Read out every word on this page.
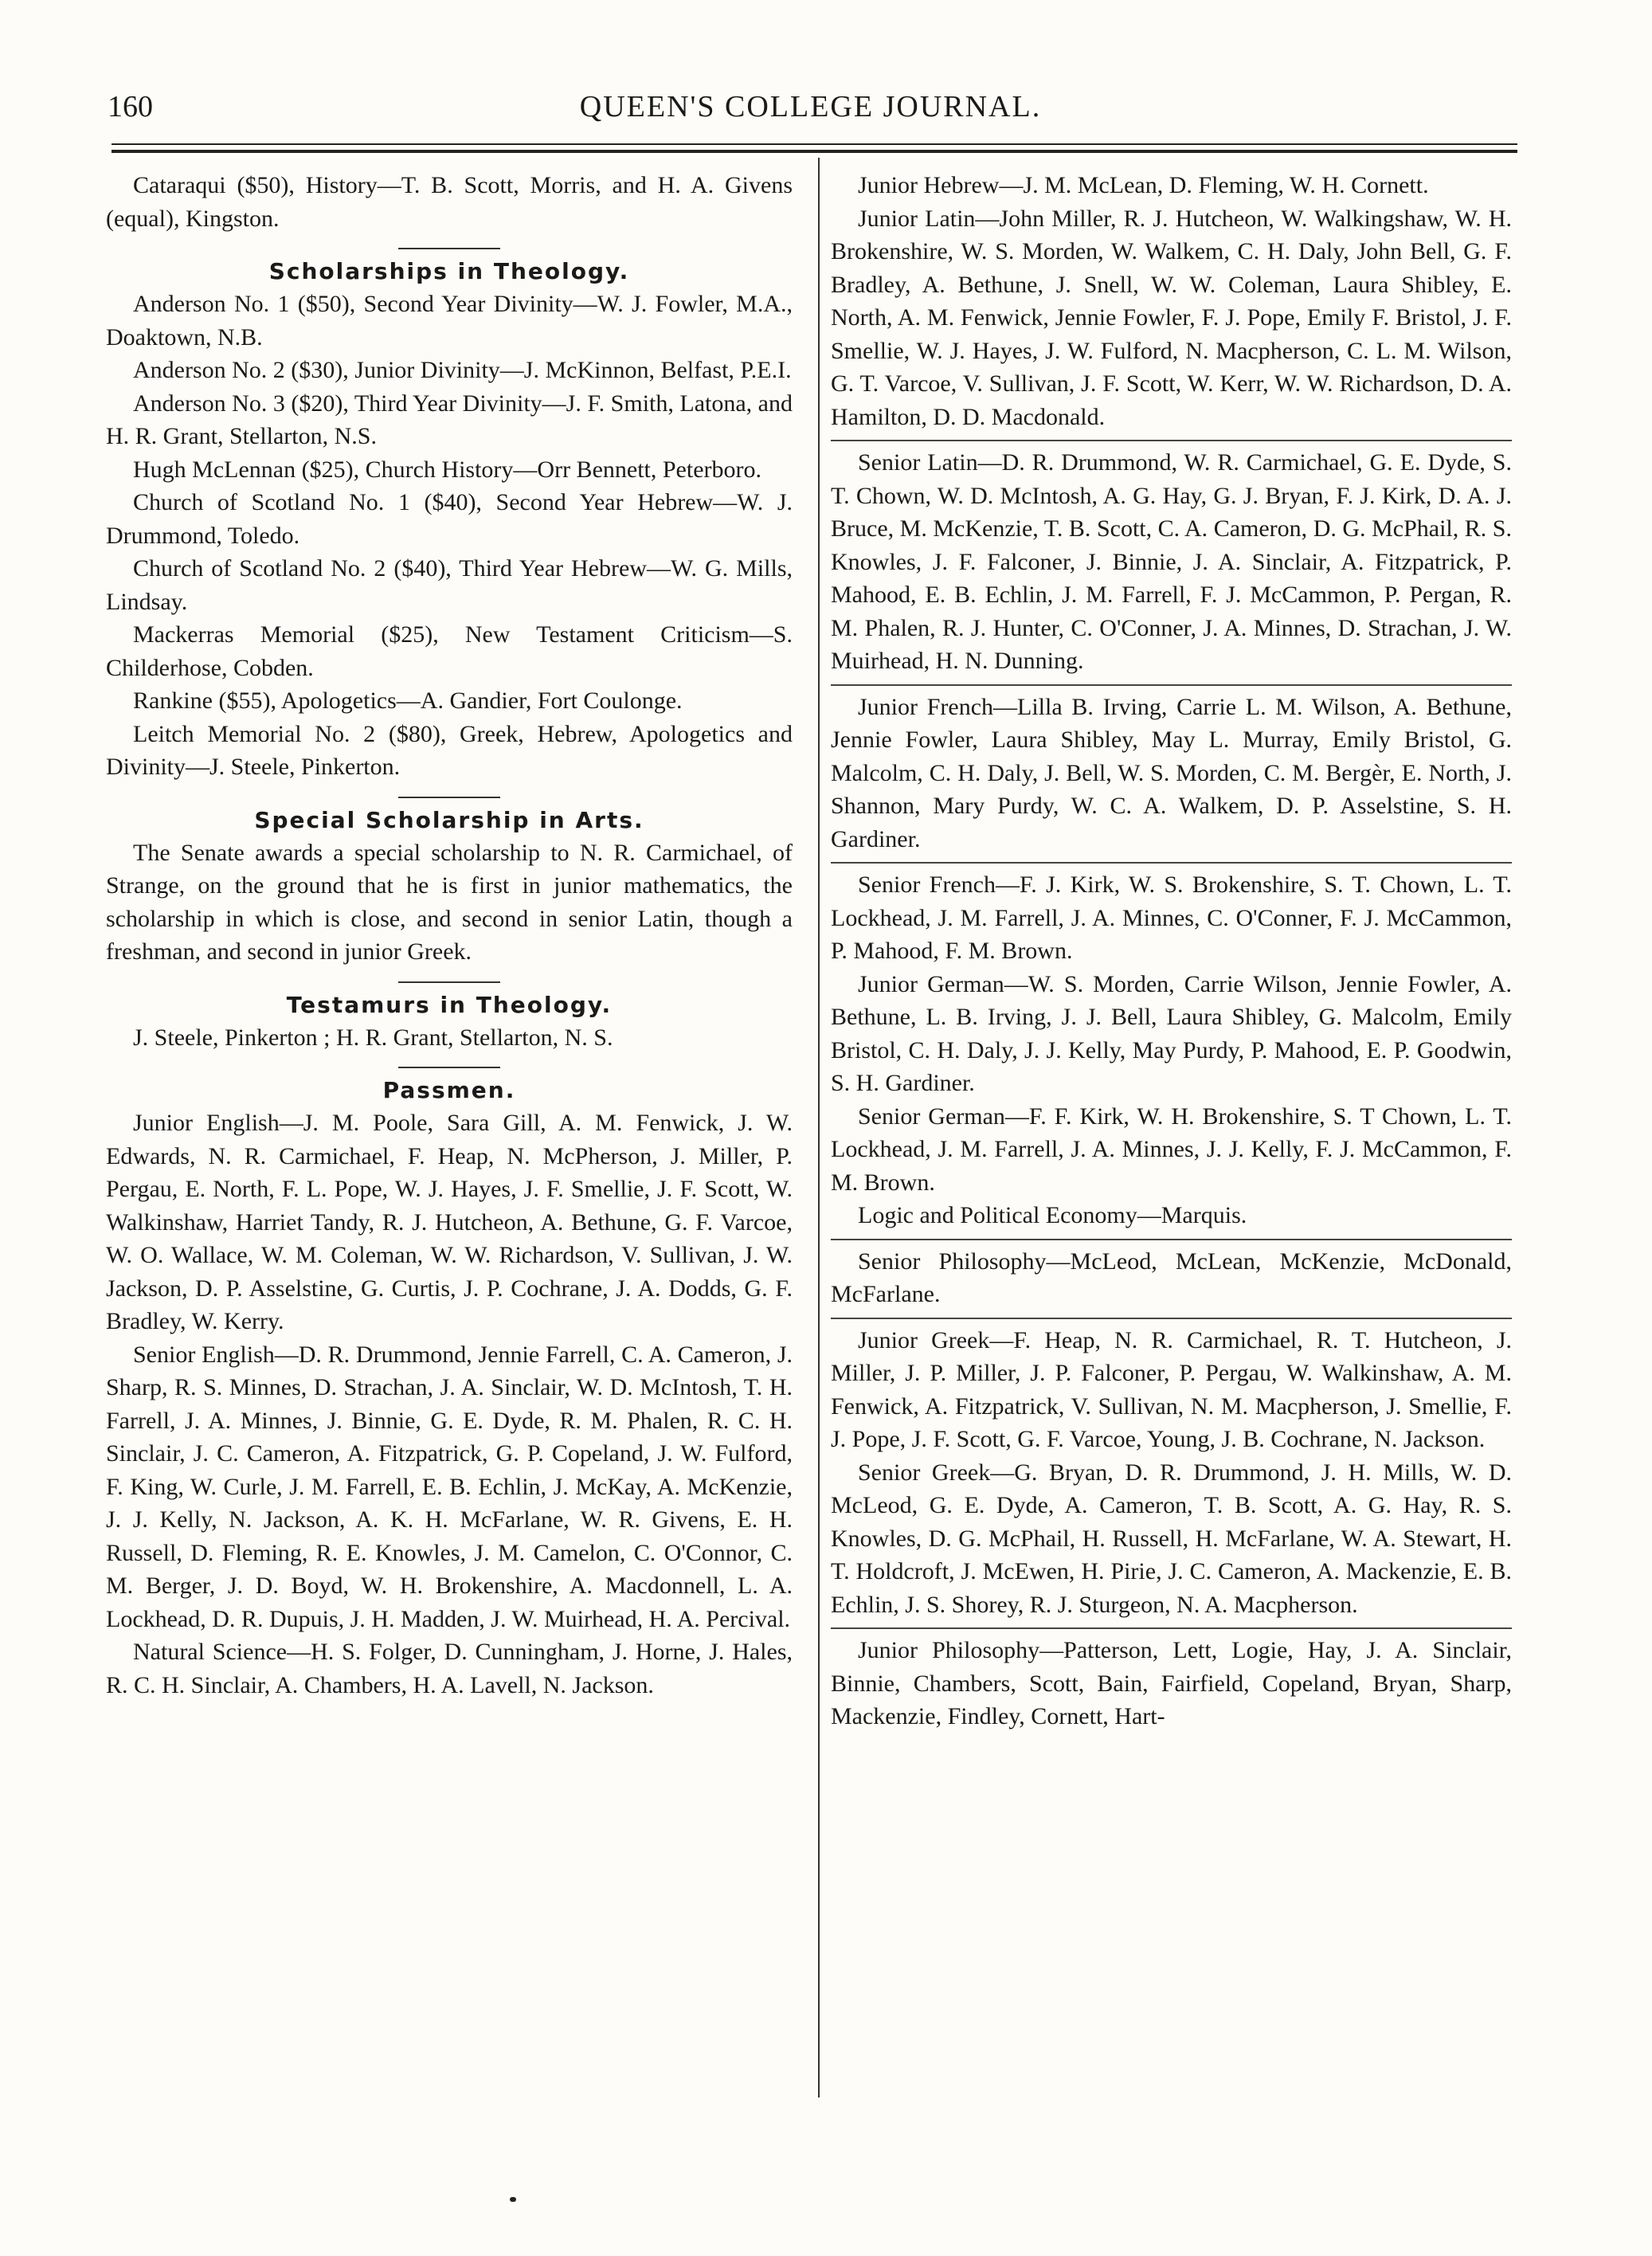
160	QUEEN'S COLLEGE JOURNAL.

Cataraqui ($50), History—T. B. Scott, Morris, and H. A. Givens (equal), Kingston.

Scholarships in Theology.

Anderson No. 1 ($50), Second Year Divinity—W. J. Fowler, M.A., Doaktown, N.B.

Anderson No. 2 ($30), Junior Divinity—J. McKinnon, Belfast, P.E.I.

Anderson No. 3 ($20), Third Year Divinity—J. F. Smith, Latona, and H. R. Grant, Stellarton, N.S.

Hugh McLennan ($25), Church History—Orr Bennett, Peterboro.

Church of Scotland No. 1 ($40), Second Year Hebrew—W. J. Drummond, Toledo.

Church of Scotland No. 2 ($40), Third Year Hebrew—W. G. Mills, Lindsay.

Mackerras Memorial ($25), New Testament Criticism—S. Childerhose, Cobden.

Rankine ($55), Apologetics—A. Gandier, Fort Coulonge.

Leitch Memorial No. 2 ($80), Greek, Hebrew, Apologetics and Divinity—J. Steele, Pinkerton.

Special Scholarship in Arts.

The Senate awards a special scholarship to N. R. Carmichael, of Strange, on the ground that he is first in junior mathematics, the scholarship in which is close, and second in senior Latin, though a freshman, and second in junior Greek.

Testamurs in Theology.

J. Steele, Pinkerton ; H. R. Grant, Stellarton, N. S.

Passmen.

Junior English—J. M. Poole, Sara Gill, A. M. Fenwick, J. W. Edwards, N. R. Carmichael, F. Heap, N. McPherson, J. Miller, P. Pergau, E. North, F. L. Pope, W. J. Hayes, J. F. Smellie, J. F. Scott, W. Walkinshaw, Harriet Tandy, R. J. Hutcheon, A. Bethune, G. F. Varcoe, W. O. Wallace, W. M. Coleman, W. W. Richardson, V. Sullivan, J. W. Jackson, D. P. Asselstine, G. Curtis, J. P. Cochrane, J. A. Dodds, G. F. Bradley, W. Kerry.

Senior English—D. R. Drummond, Jennie Farrell, C. A. Cameron, J. Sharp, R. S. Minnes, D. Strachan, J. A. Sinclair, W. D. McIntosh, T. H. Farrell, J. A. Minnes, J. Binnie, G. E. Dyde, R. M. Phalen, R. C. H. Sinclair, J. C. Cameron, A. Fitzpatrick, G. P. Copeland, J. W. Fulford, F. King, W. Curle, J. M. Farrell, E. B. Echlin, J. McKay, A. McKenzie, J. J. Kelly, N. Jackson, A. K. H. McFarlane, W. R. Givens, E. H. Russell, D. Fleming, R. E. Knowles, J. M. Camelon, C. O'Connor, C. M. Berger, J. D. Boyd, W. H. Brokenshire, A. Macdonnell, L. A. Lockhead, D. R. Dupuis, J. H. Madden, J. W. Muirhead, H. A. Percival.

Natural Science—H. S. Folger, D. Cunningham, J. Horne, J. Hales, R. C. H. Sinclair, A. Chambers, H. A. Lavell, N. Jackson.

Junior Hebrew—J. M. McLean, D. Fleming, W. H. Cornett.

Junior Latin—John Miller, R. J. Hutcheon, W. Walkingshaw, W. H. Brokenshire, W. S. Morden, W. Walkem, C. H. Daly, John Bell, G. F. Bradley, A. Bethune, J. Snell, W. W. Coleman, Laura Shibley, E. North, A. M. Fenwick, Jennie Fowler, F. J. Pope, Emily F. Bristol, J. F. Smellie, W. J. Hayes, J. W. Fulford, N. Macpherson, C. L. M. Wilson, G. T. Varcoe, V. Sullivan, J. F. Scott, W. Kerr, W. W. Richardson, D. A. Hamilton, D. D. Macdonald.

Senior Latin—D. R. Drummond, W. R. Carmichael, G. E. Dyde, S. T. Chown, W. D. McIntosh, A. G. Hay, G. J. Bryan, F. J. Kirk, D. A. J. Bruce, M. McKenzie, T. B. Scott, C. A. Cameron, D. G. McPhail, R. S. Knowles, J. F. Falconer, J. Binnie, J. A. Sinclair, A. Fitzpatrick, P. Mahood, E. B. Echlin, J. M. Farrell, F. J. McCammon, P. Pergan, R. M. Phalen, R. J. Hunter, C. O'Conner, J. A. Minnes, D. Strachan, J. W. Muirhead, H. N. Dunning.

Junior French—Lilla B. Irving, Carrie L. M. Wilson, A. Bethune, Jennie Fowler, Laura Shibley, May L. Murray, Emily Bristol, G. Malcolm, C. H. Daly, J. Bell, W. S. Morden, C. M. Bergèr, E. North, J. Shannon, Mary Purdy, W. C. A. Walkem, D. P. Asselstine, S. H. Gardiner.

Senior French—F. J. Kirk, W. S. Brokenshire, S. T. Chown, L. T. Lockhead, J. M. Farrell, J. A. Minnes, C. O'Conner, F. J. McCammon, P. Mahood, F. M. Brown.

Junior German—W. S. Morden, Carrie Wilson, Jennie Fowler, A. Bethune, L. B. Irving, J. J. Bell, Laura Shibley, G. Malcolm, Emily Bristol, C. H. Daly, J. J. Kelly, May Purdy, P. Mahood, E. P. Goodwin, S. H. Gardiner.

Senior German—F. F. Kirk, W. H. Brokenshire, S. T Chown, L. T. Lockhead, J. M. Farrell, J. A. Minnes, J. J. Kelly, F. J. McCammon, F. M. Brown.

Logic and Political Economy—Marquis.

Senior Philosophy—McLeod, McLean, McKenzie, McDonald, McFarlane.

Junior Greek—F. Heap, N. R. Carmichael, R. T. Hutcheon, J. Miller, J. P. Miller, J. P. Falconer, P. Pergau, W. Walkinshaw, A. M. Fenwick, A. Fitzpatrick, V. Sullivan, N. M. Macpherson, J. Smellie, F. J. Pope, J. F. Scott, G. F. Varcoe, Young, J. B. Cochrane, N. Jackson.

Senior Greek—G. Bryan, D. R. Drummond, J. H. Mills, W. D. McLeod, G. E. Dyde, A. Cameron, T. B. Scott, A. G. Hay, R. S. Knowles, D. G. McPhail, H. Russell, H. McFarlane, W. A. Stewart, H. T. Holdcroft, J. McEwen, H. Pirie, J. C. Cameron, A. Mackenzie, E. B. Echlin, J. S. Shorey, R. J. Sturgeon, N. A. Macpherson.

Junior Philosophy—Patterson, Lett, Logie, Hay, J. A. Sinclair, Binnie, Chambers, Scott, Bain, Fairfield, Copeland, Bryan, Sharp, Mackenzie, Findley, Cornett, Hart-
